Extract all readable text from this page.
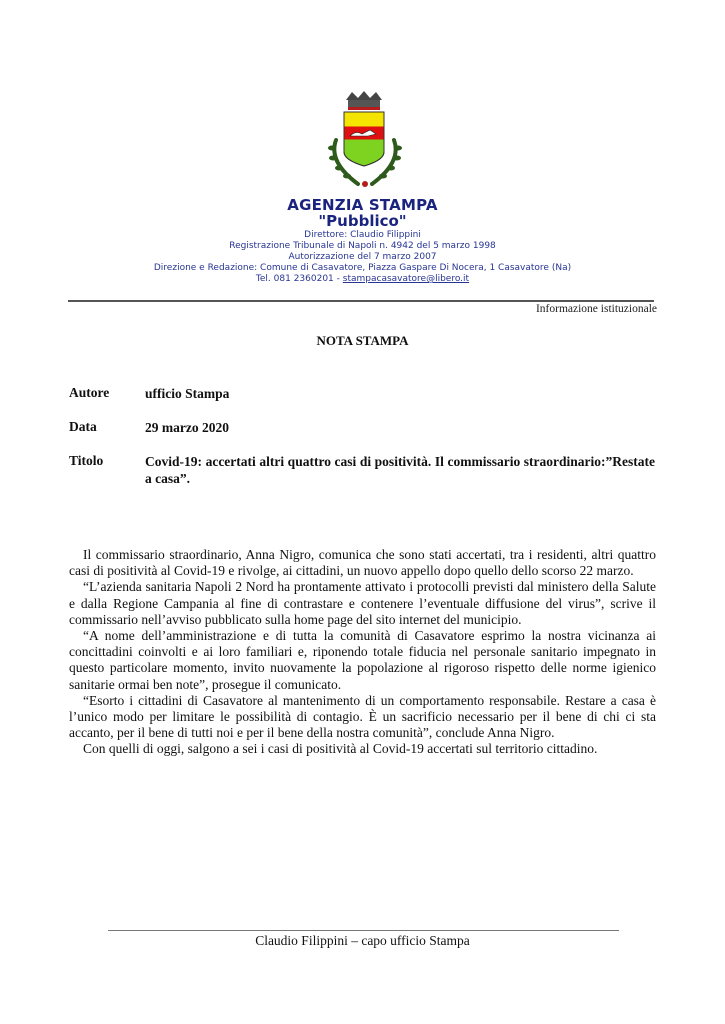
AGENZIA STAMPA
"Pubblico"
Direttore: Claudio Filippini
Registrazione Tribunale di Napoli n. 4942 del 5 marzo 1998
Autorizzazione del 7 marzo 2007
Direzione e Redazione: Comune di Casavatore, Piazza Gaspare Di Nocera, 1 Casavatore (Na)
Tel. 081 2360201 - stampacasavatore@libero.it
Informazione istituzionale
NOTA STAMPA
Autore	ufficio Stampa
Data	29 marzo 2020
Titolo	Covid-19: accertati altri quattro casi di positività. Il commissario straordinario:”Restate a casa”.

Il commissario straordinario, Anna Nigro, comunica che sono stati accertati, tra i residenti, altri quattro casi di positività al Covid-19 e rivolge, ai cittadini, un nuovo appello dopo quello dello scorso 22 marzo.

“L’azienda sanitaria Napoli 2 Nord ha prontamente attivato i protocolli previsti dal ministero della Salute e dalla Regione Campania al fine di contrastare e contenere l’eventuale diffusione del virus”, scrive il commissario nell’avviso pubblicato sulla home page del sito internet del municipio.

“A nome dell’amministrazione e di tutta la comunità di Casavatore esprimo la nostra vicinanza ai concittadini coinvolti e ai loro familiari e, riponendo totale fiducia nel personale sanitario impegnato in questo particolare momento, invito nuovamente la popolazione al rigoroso rispetto delle norme igienico sanitarie ormai ben note”, prosegue il comunicato.

“Esorto i cittadini di Casavatore al mantenimento di un comportamento responsabile. Restare a casa è l’unico modo per limitare le possibilità di contagio. È un sacrificio necessario per il bene di chi ci sta accanto, per il bene di tutti noi e per il bene della nostra comunità”, conclude Anna Nigro.

Con quelli di oggi, salgono a sei i casi di positività al Covid-19 accertati sul territorio cittadino.

Claudio Filippini – capo ufficio Stampa
